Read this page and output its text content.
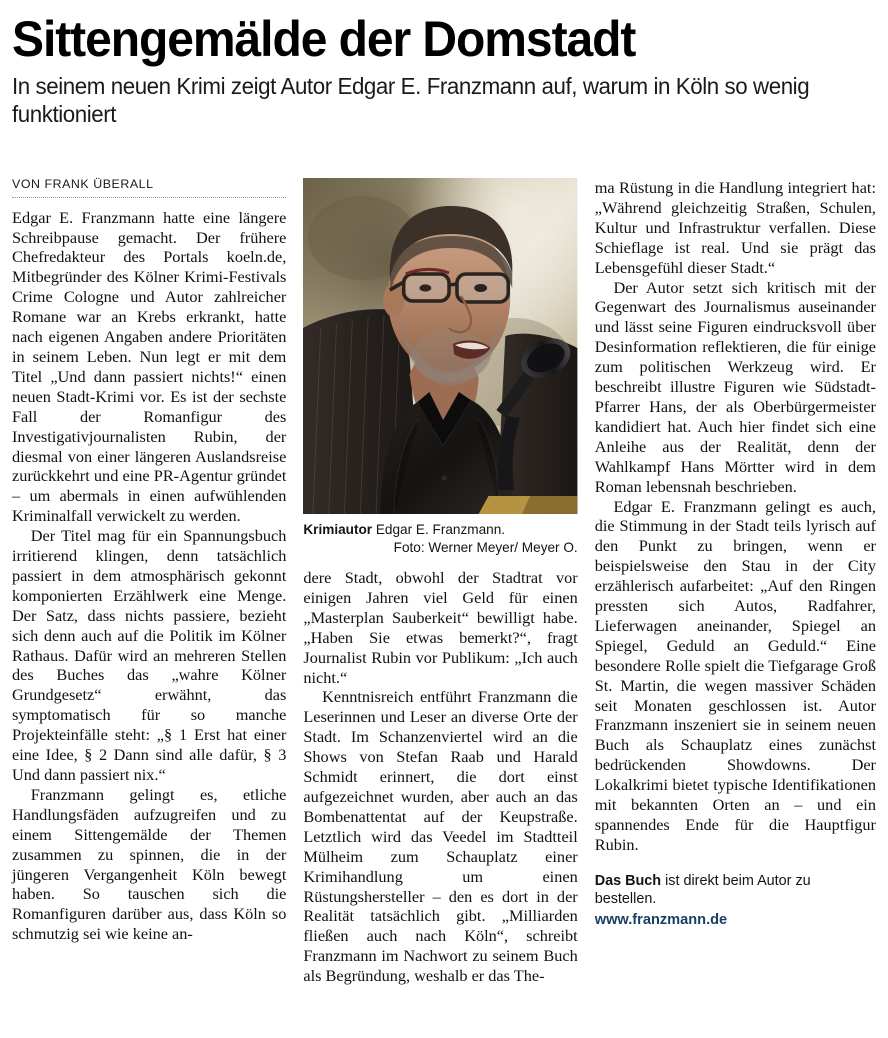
Sittengemälde der Domstadt
In seinem neuen Krimi zeigt Autor Edgar E. Franzmann auf, warum in Köln so wenig funktioniert
VON FRANK ÜBERALL

Edgar E. Franzmann hatte eine längere Schreibpause gemacht. Der frühere Chefredakteur des Portals koeln.de, Mitbegründer des Kölner Krimi-Festivals Crime Cologne und Autor zahlreicher Romane war an Krebs erkrankt, hatte nach eigenen Angaben andere Prioritäten in seinem Leben. Nun legt er mit dem Titel „Und dann passiert nichts!“ einen neuen Stadt-Krimi vor. Es ist der sechste Fall der Romanfigur des Investigativjournalisten Rubin, der diesmal von einer längeren Auslandsreise zurückkehrt und eine PR-Agentur gründet – um abermals in einen aufwühlenden Kriminalfall verwickelt zu werden.

Der Titel mag für ein Spannungsbuch irritierend klingen, denn tatsächlich passiert in dem atmosphärisch gekonnt komponierten Erzählwerk eine Menge. Der Satz, dass nichts passiere, bezieht sich denn auch auf die Politik im Kölner Rathaus. Dafür wird an mehreren Stellen des Buches das „wahre Kölner Grundgesetz“ erwähnt, das symptomatisch für so manche Projekteinfälle steht: „§ 1 Erst hat einer eine Idee, § 2 Dann sind alle dafür, § 3 Und dann passiert nix.“

Franzmann gelingt es, etliche Handlungsfäden aufzugreifen und zu einem Sittengemälde der Themen zusammen zu spinnen, die in der jüngeren Vergangenheit Köln bewegt haben. So tauschen sich die Romanfiguren darüber aus, dass Köln so schmutzig sei wie keine an-

Krimiautor Edgar E. Franzmann.
Foto: Werner Meyer/ Meyer O.

dere Stadt, obwohl der Stadtrat vor einigen Jahren viel Geld für einen „Masterplan Sauberkeit“ bewilligt habe. „Haben Sie etwas bemerkt?“, fragt Journalist Rubin vor Publikum: „Ich auch nicht.“

Kenntnisreich entführt Franzmann die Leserinnen und Leser an diverse Orte der Stadt. Im Schanzenviertel wird an die Shows von Stefan Raab und Harald Schmidt erinnert, die dort einst aufgezeichnet wurden, aber auch an das Bombenattentat auf der Keupstraße. Letztlich wird das Veedel im Stadtteil Mülheim zum Schauplatz einer Krimihandlung um einen Rüstungshersteller – den es dort in der Realität tatsächlich gibt. „Milliarden fließen auch nach Köln“, schreibt Franzmann im Nachwort zu seinem Buch als Begründung, weshalb er das The-

ma Rüstung in die Handlung integriert hat: „Während gleichzeitig Straßen, Schulen, Kultur und Infrastruktur verfallen. Diese Schieflage ist real. Und sie prägt das Lebensgefühl dieser Stadt.“

Der Autor setzt sich kritisch mit der Gegenwart des Journalismus auseinander und lässt seine Figuren eindrucksvoll über Desinformation reflektieren, die für einige zum politischen Werkzeug wird. Er beschreibt illustre Figuren wie Südstadt-Pfarrer Hans, der als Oberbürgermeister kandidiert hat. Auch hier findet sich eine Anleihe aus der Realität, denn der Wahlkampf Hans Mörtter wird in dem Roman lebensnah beschrieben.

Edgar E. Franzmann gelingt es auch, die Stimmung in der Stadt teils lyrisch auf den Punkt zu bringen, wenn er beispielsweise den Stau in der City erzählerisch aufarbeitet: „Auf den Ringen pressten sich Autos, Radfahrer, Lieferwagen aneinander, Spiegel an Spiegel, Geduld an Geduld.“ Eine besondere Rolle spielt die Tiefgarage Groß St. Martin, die wegen massiver Schäden seit Monaten geschlossen ist. Autor Franzmann inszeniert sie in seinem neuen Buch als Schauplatz eines zunächst bedrückenden Showdowns. Der Lokalkrimi bietet typische Identifikationen mit bekannten Orten an – und ein spannendes Ende für die Hauptfigur Rubin.

Das Buch ist direkt beim Autor zu bestellen.
www.franzmann.de
